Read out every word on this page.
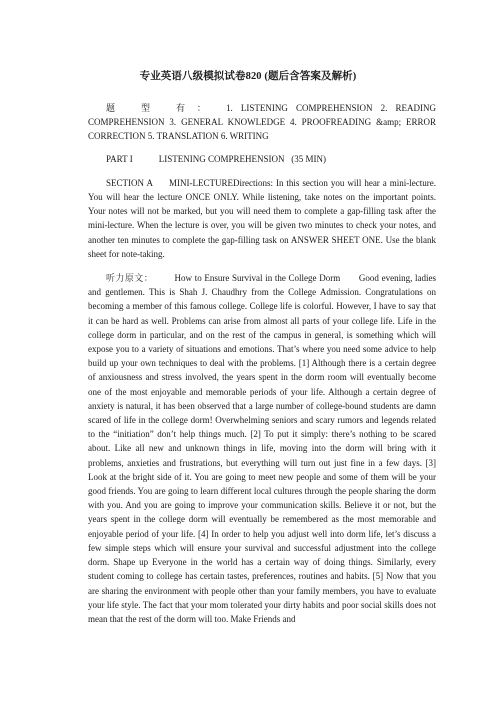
专业英语八级模拟试卷820 (题后含答案及解析)

题 型 有： 1. LISTENING COMPREHENSION 2. READING COMPREHENSION 3. GENERAL KNOWLEDGE 4. PROOFREADING &amp; ERROR CORRECTION 5. TRANSLATION 6. WRITING

PART I	LISTENING COMPREHENSION (35 MIN)

SECTION A MINI-LECTUREDirections: In this section you will hear a mini-lecture. You will hear the lecture ONCE ONLY. While listening, take notes on the important points. Your notes will not be marked, but you will need them to complete a gap-filling task after the mini-lecture. When the lecture is over, you will be given two minutes to check your notes, and another ten minutes to complete the gap-filling task on ANSWER SHEET ONE. Use the blank sheet for note-taking.

听力原文： How to Ensure Survival in the College Dorm Good evening, ladies and gentlemen. This is Shah J. Chaudhry from the College Admission. Congratulations on becoming a member of this famous college. College life is colorful. However, I have to say that it can be hard as well. Problems can arise from almost all parts of your college life. Life in the college dorm in particular, and on the rest of the campus in general, is something which will expose you to a variety of situations and emotions. That’s where you need some advice to help build up your own techniques to deal with the problems. [1] Although there is a certain degree of anxiousness and stress involved, the years spent in the dorm room will eventually become one of the most enjoyable and memorable periods of your life. Although a certain degree of anxiety is natural, it has been observed that a large number of college-bound students are damn scared of life in the college dorm! Overwhelming seniors and scary rumors and legends related to the “initiation” don’t help things much. [2] To put it simply: there’s nothing to be scared about. Like all new and unknown things in life, moving into the dorm will bring with it problems, anxieties and frustrations, but everything will turn out just fine in a few days. [3] Look at the bright side of it. You are going to meet new people and some of them will be your good friends. You are going to learn different local cultures through the people sharing the dorm with you. And you are going to improve your communication skills. Believe it or not, but the years spent in the college dorm will eventually be remembered as the most memorable and enjoyable period of your life. [4] In order to help you adjust well into dorm life, let’s discuss a few simple steps which will ensure your survival and successful adjustment into the college dorm. Shape up Everyone in the world has a certain way of doing things. Similarly, every student coming to college has certain tastes, preferences, routines and habits. [5] Now that you are sharing the environment with people other than your family members, you have to evaluate your life style. The fact that your mom tolerated your dirty habits and poor social skills does not mean that the rest of the dorm will too. Make Friends and
